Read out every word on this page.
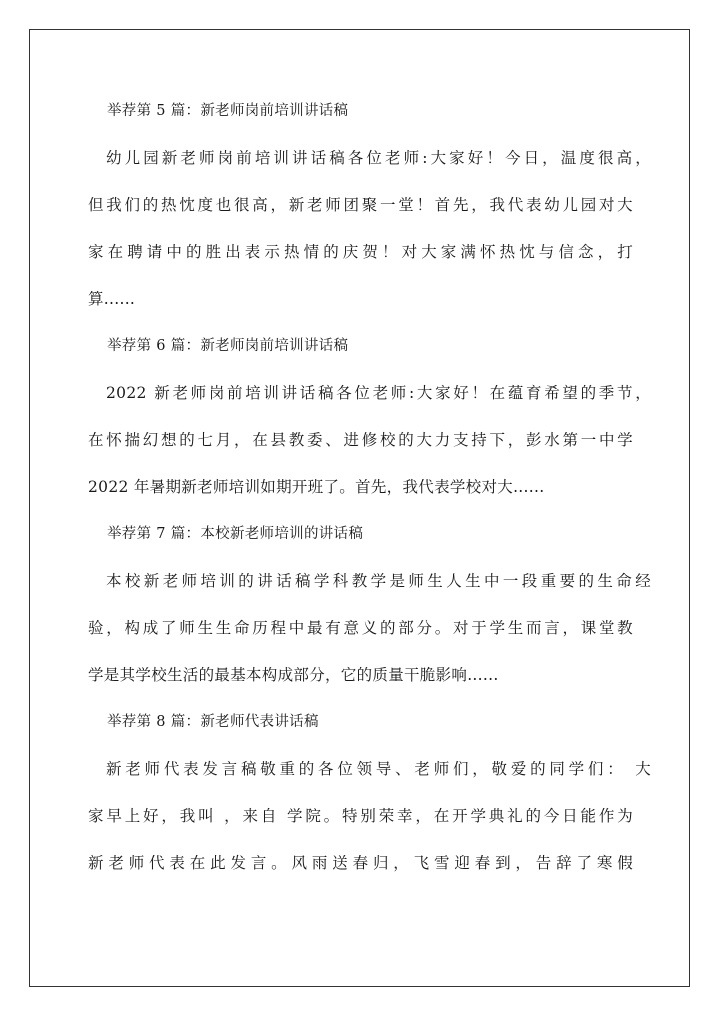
举荐第 5 篇：新老师岗前培训讲话稿
幼儿园新老师岗前培训讲话稿各位老师:大家好！今日，温度很高，
但我们的热忱度也很高，新老师团聚一堂！首先，我代表幼儿园对大
家在聘请中的胜出表示热情的庆贺！对大家满怀热忱与信念，打
算......
举荐第 6 篇：新老师岗前培训讲话稿
2022 新老师岗前培训讲话稿各位老师:大家好！在蕴育希望的季节，
在怀揣幻想的七月，在县教委、进修校的大力支持下，彭水第一中学
2022 年暑期新老师培训如期开班了。首先，我代表学校对大......
举荐第 7 篇：本校新老师培训的讲话稿
本校新老师培训的讲话稿学科教学是师生人生中一段重要的生命经
验，构成了师生生命历程中最有意义的部分。对于学生而言，课堂教
学是其学校生活的最基本构成部分，它的质量干脆影响......
举荐第 8 篇：新老师代表讲话稿
新老师代表发言稿敬重的各位领导、老师们，敬爱的同学们： 大
家早上好，我叫 ，来自 学院。特别荣幸，在开学典礼的今日能作为
新老师代表在此发言。风雨送春归，飞雪迎春到，告辞了寒假
